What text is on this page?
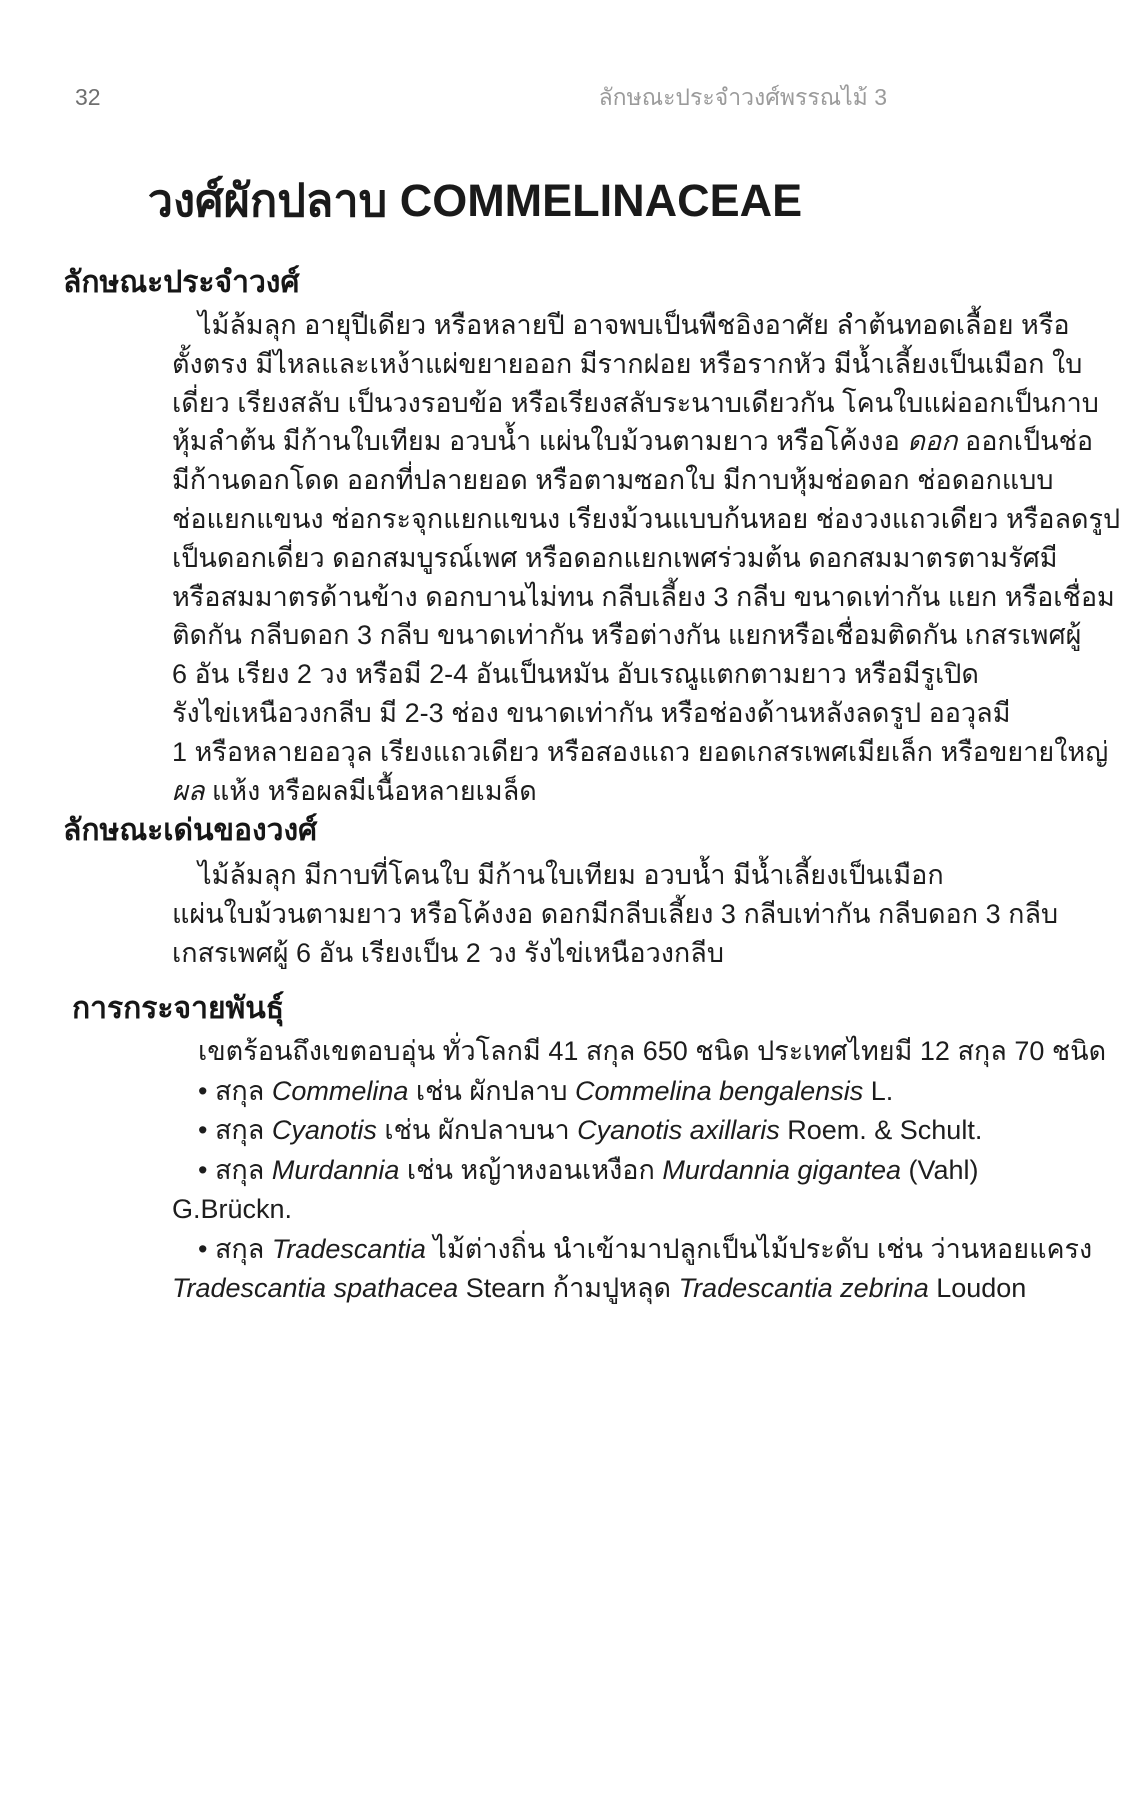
32	ลักษณะประจำวงศ์พรรณไม้ 3
วงศ์ผักปลาบ COMMELINACEAE
ลักษณะประจำวงศ์
ไม้ล้มลุก อายุปีเดียว หรือหลายปี อาจพบเป็นพืชอิงอาศัย ลำต้นทอดเลื้อย หรือ
ตั้งตรง มีไหลและเหง้าแผ่ขยายออก มีรากฝอย หรือรากหัว มีน้ำเลี้ยงเป็นเมือก ใบ
เดี่ยว เรียงสลับ เป็นวงรอบข้อ หรือเรียงสลับระนาบเดียวกัน โคนใบแผ่ออกเป็นกาบ
หุ้มลำต้น มีก้านใบเทียม อวบน้ำ แผ่นใบม้วนตามยาว หรือโค้งงอ ดอก ออกเป็นช่อ
มีก้านดอกโดด ออกที่ปลายยอด หรือตามซอกใบ มีกาบหุ้มช่อดอก ช่อดอกแบบ
ช่อแยกแขนง ช่อกระจุกแยกแขนง เรียงม้วนแบบก้นหอย ช่องวงแถวเดียว หรือลดรูป
เป็นดอกเดี่ยว ดอกสมบูรณ์เพศ หรือดอกแยกเพศร่วมต้น ดอกสมมาตรตามรัศมี
หรือสมมาตรด้านข้าง ดอกบานไม่ทน กลีบเลี้ยง 3 กลีบ ขนาดเท่ากัน แยก หรือเชื่อม
ติดกัน กลีบดอก 3 กลีบ ขนาดเท่ากัน หรือต่างกัน แยกหรือเชื่อมติดกัน เกสรเพศผู้
6 อัน เรียง 2 วง หรือมี 2-4 อันเป็นหมัน อับเรณูแตกตามยาว หรือมีรูเปิด
รังไข่เหนือวงกลีบ มี 2-3 ช่อง ขนาดเท่ากัน หรือช่องด้านหลังลดรูป ออวุลมี
1 หรือหลายออวุล เรียงแถวเดียว หรือสองแถว ยอดเกสรเพศเมียเล็ก หรือขยายใหญ่
ผล แห้ง หรือผลมีเนื้อหลายเมล็ด
ลักษณะเด่นของวงศ์
ไม้ล้มลุก มีกาบที่โคนใบ มีก้านใบเทียม อวบน้ำ มีน้ำเลี้ยงเป็นเมือก
แผ่นใบม้วนตามยาว หรือโค้งงอ ดอกมีกลีบเลี้ยง 3 กลีบเท่ากัน กลีบดอก 3 กลีบ
เกสรเพศผู้ 6 อัน เรียงเป็น 2 วง รังไข่เหนือวงกลีบ
การกระจายพันธุ์
เขตร้อนถึงเขตอบอุ่น ทั่วโลกมี 41 สกุล 650 ชนิด ประเทศไทยมี 12 สกุล 70 ชนิด
• สกุล Commelina เช่น ผักปลาบ Commelina bengalensis L.
• สกุล Cyanotis เช่น ผักปลาบนา Cyanotis axillaris Roem. & Schult.
• สกุล Murdannia เช่น หญ้าหงอนเหงือก Murdannia gigantea (Vahl)
G.Brückn.
• สกุล Tradescantia ไม้ต่างถิ่น นำเข้ามาปลูกเป็นไม้ประดับ เช่น ว่านหอยแครง
Tradescantia spathacea Stearn ก้ามปูหลุด Tradescantia zebrina Loudon
